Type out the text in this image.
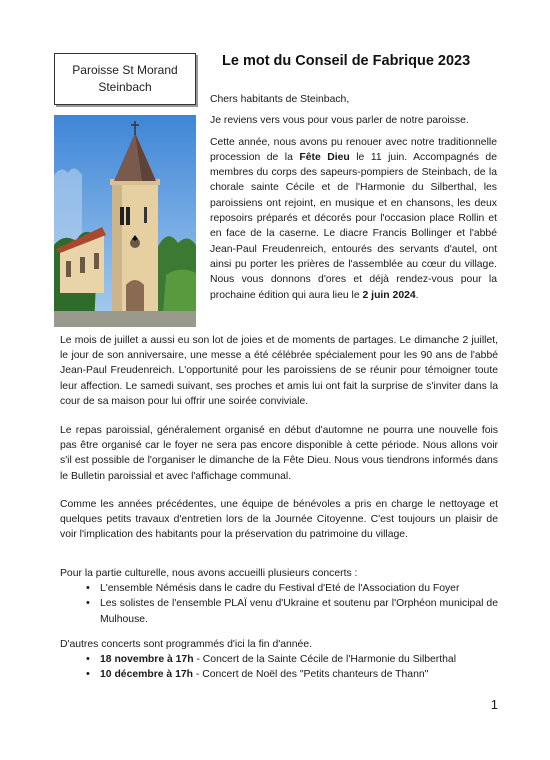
Paroisse St Morand
Steinbach
Le mot du Conseil de Fabrique 2023

Chers habitants de Steinbach,

Je reviens vers vous pour vous parler de notre paroisse.

Cette année, nous avons pu renouer avec notre traditionnelle procession de la Fête Dieu le 11 juin. Accompagnés de membres du corps des sapeurs-pompiers de Steinbach, de la chorale sainte Cécile et de l'Harmonie du Silberthal, les paroissiens ont rejoint, en musique et en chansons, les deux reposoirs préparés et décorés pour l'occasion place Rollin et en face de la caserne. Le diacre Francis Bollinger et l'abbé Jean-Paul Freudenreich, entourés des servants d'autel, ont ainsi pu porter les prières de l'assemblée au cœur du village. Nous vous donnons d'ores et déjà rendez-vous pour la prochaine édition qui aura lieu le 2 juin 2024.

Le mois de juillet a aussi eu son lot de joies et de moments de partages. Le dimanche 2 juillet, le jour de son anniversaire, une messe a été célébrée spécialement pour les 90 ans de l'abbé Jean-Paul Freudenreich. L'opportunité pour les paroissiens de se réunir pour témoigner toute leur affection. Le samedi suivant, ses proches et amis lui ont fait la surprise de s'inviter dans la cour de sa maison pour lui offrir une soirée conviviale.

Le repas paroissial, généralement organisé en début d'automne ne pourra une nouvelle fois pas être organisé car le foyer ne sera pas encore disponible à cette période. Nous allons voir s'il est possible de l'organiser le dimanche de la Fête Dieu. Nous vous tiendrons informés dans le Bulletin paroissial et avec l'affichage communal.

Comme les années précédentes, une équipe de bénévoles a pris en charge le nettoyage et quelques petits travaux d'entretien lors de la Journée Citoyenne. C'est toujours un plaisir de voir l'implication des habitants pour la préservation du patrimoine du village.

Pour la partie culturelle, nous avons accueilli plusieurs concerts :

• L'ensemble Némésis dans le cadre du Festival d'Eté de l'Association du Foyer
• Les solistes de l'ensemble PLAÏ venu d'Ukraine et soutenu par l'Orphéon municipal de Mulhouse.

D'autres concerts sont programmés d'ici la fin d'année.

• 18 novembre à 17h - Concert de la Sainte Cécile de l'Harmonie du Silberthal
• 10 décembre à 17h - Concert de Noël des "Petits chanteurs de Thann"
1
